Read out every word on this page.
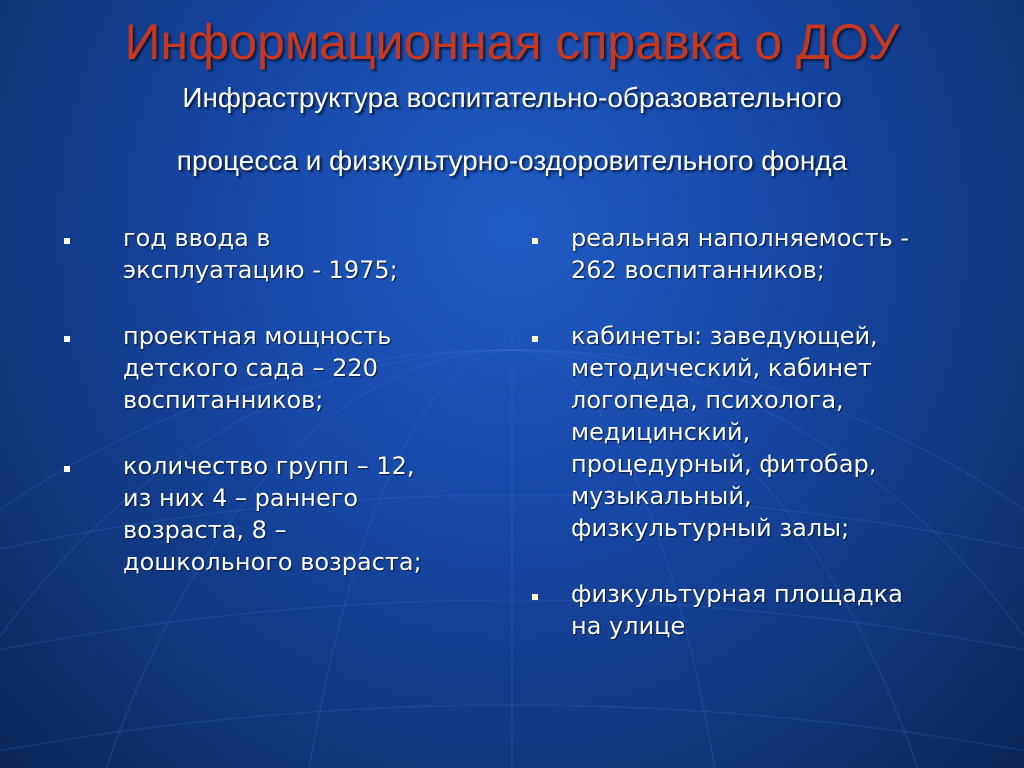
Информационная справка о ДОУ
Инфраструктура воспитательно-образовательного
процесса и физкультурно-оздоровительного фонда
год ввода в
эксплуатацию - 1975;
проектная мощность
детского сада – 220
воспитанников;
количество групп – 12,
из них 4 – раннего
возраста, 8 –
дошкольного возраста;
реальная наполняемость -
262 воспитанников;
кабинеты: заведующей,
методический, кабинет
логопеда, психолога,
медицинский,
процедурный, фитобар,
музыкальный,
физкультурный залы;
физкультурная площадка
на улице
